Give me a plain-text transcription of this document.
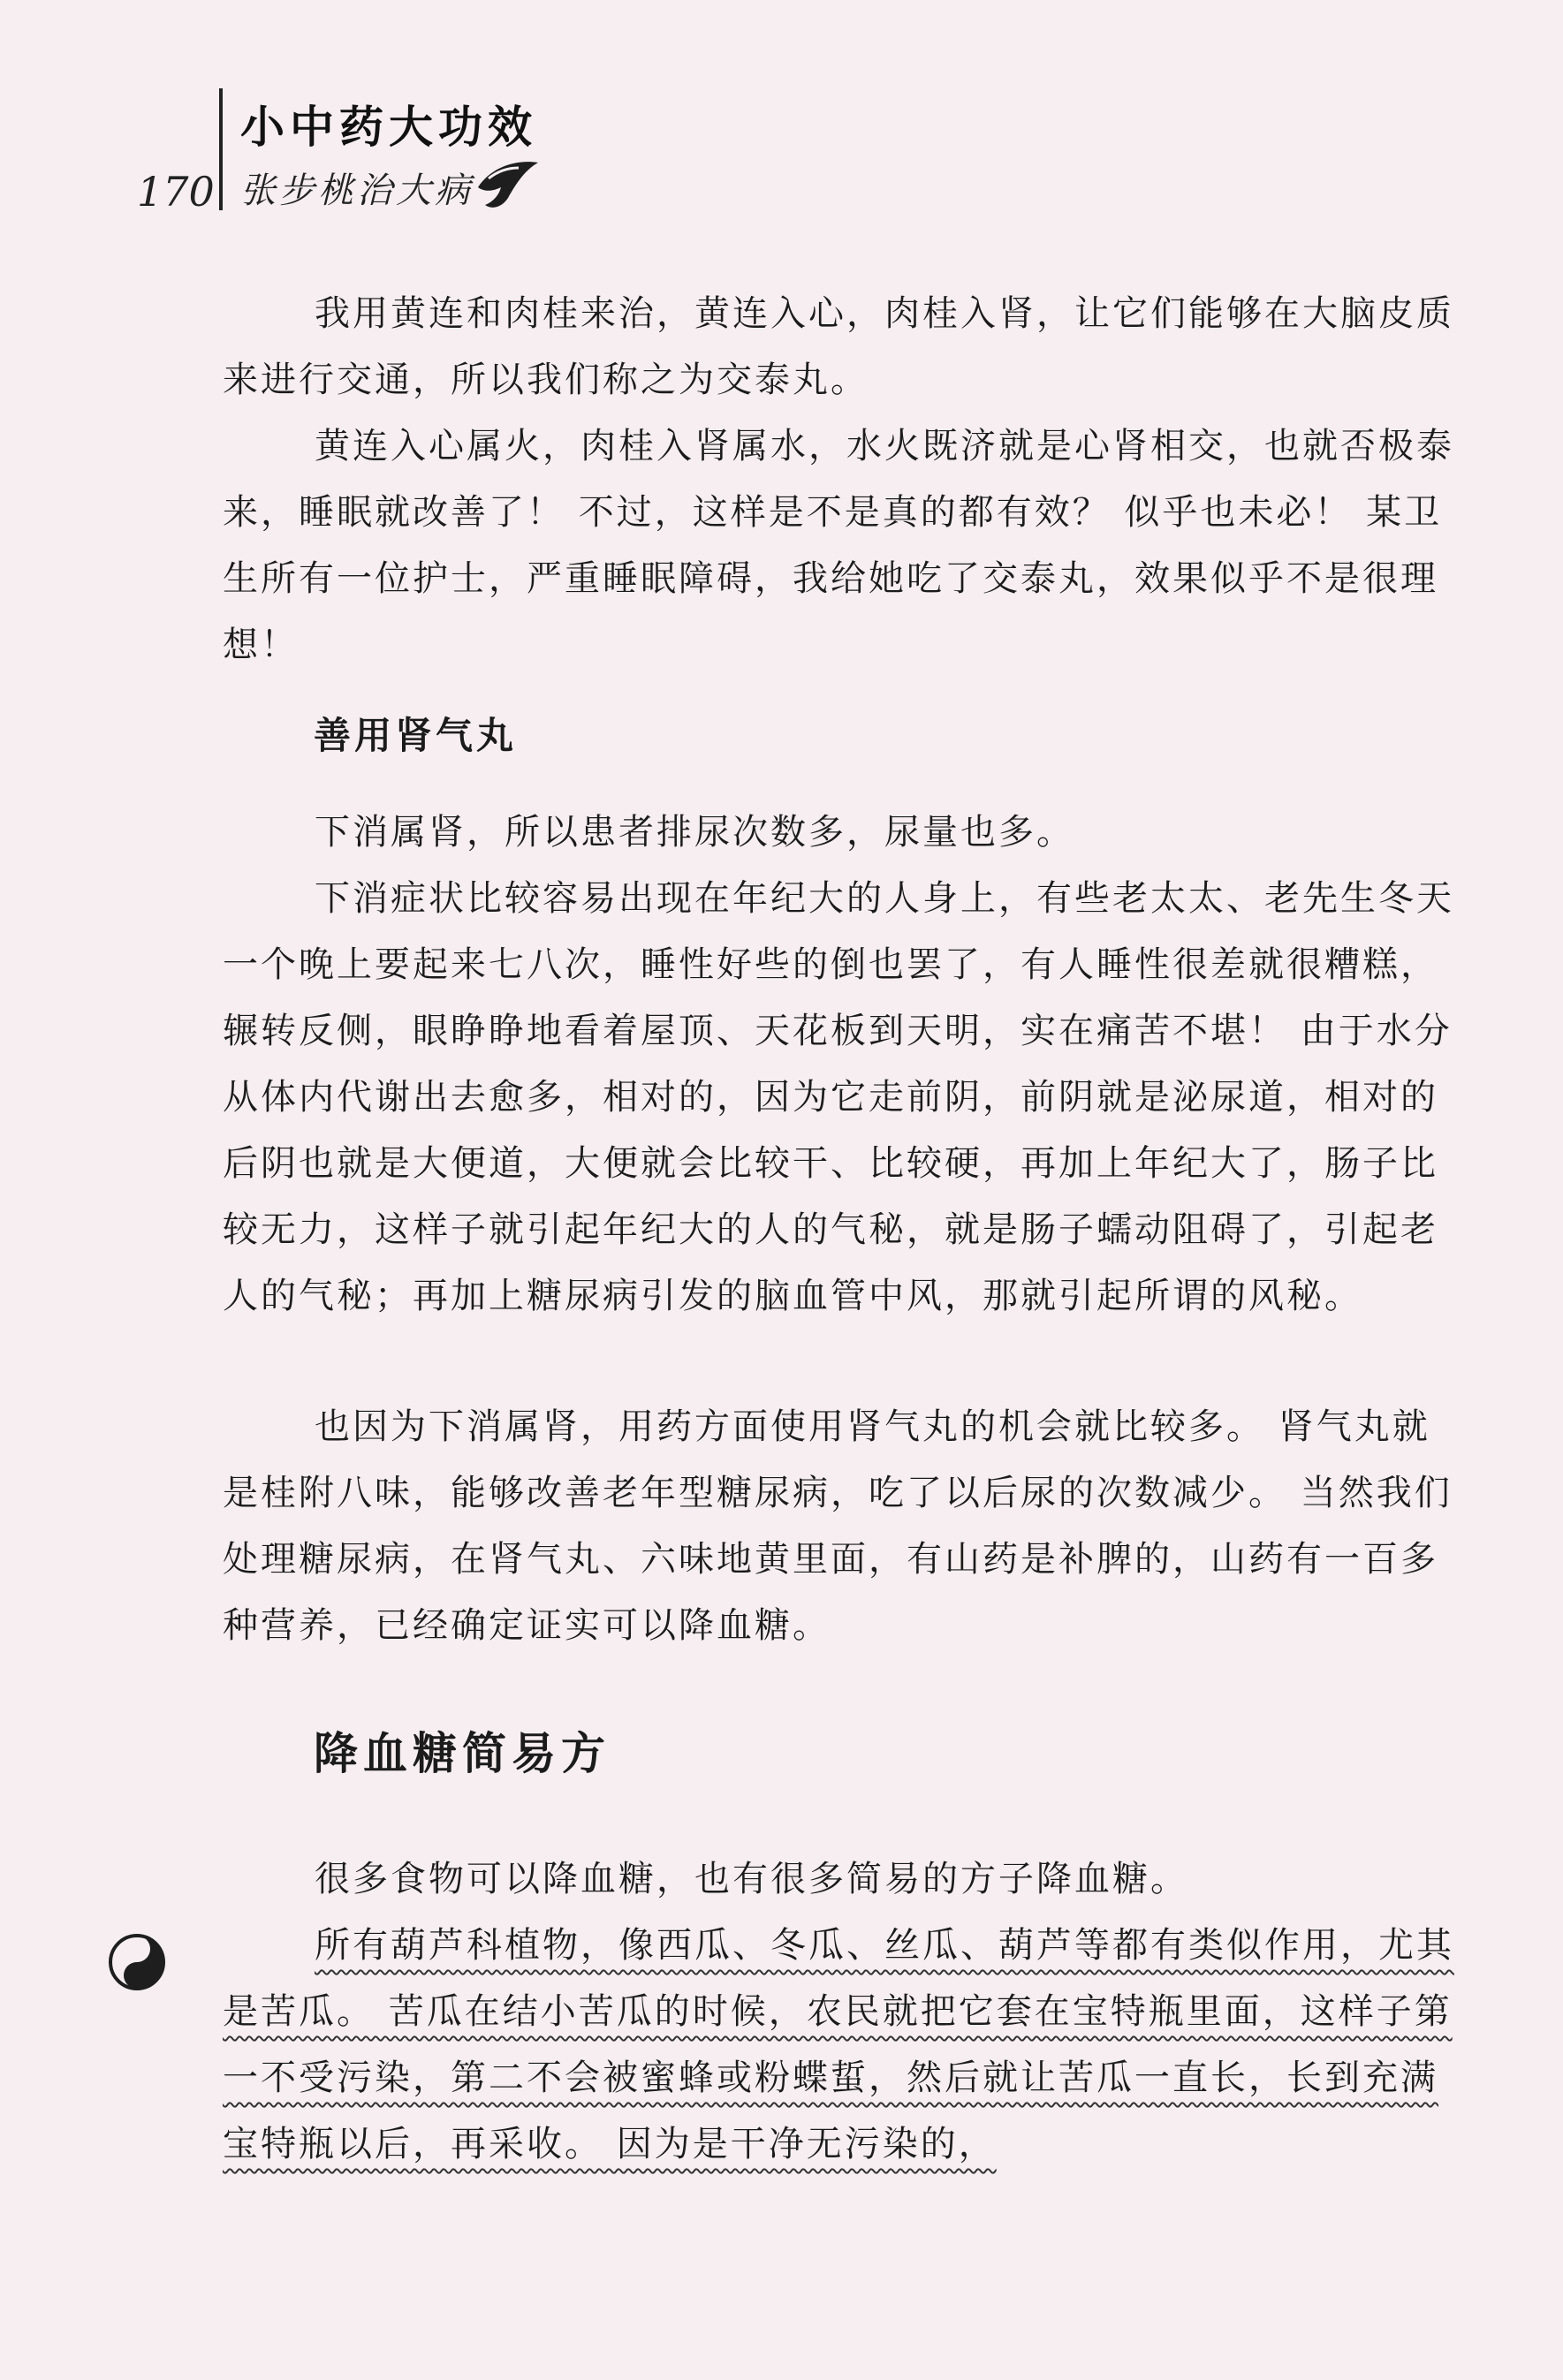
170
小中药大功效
张步桃治大病

我用黄连和肉桂来治，黄连入心，肉桂入肾，让它们能够在大脑皮质来进行交通，所以我们称之为交泰丸。

黄连入心属火，肉桂入肾属水，水火既济就是心肾相交，也就否极泰来，睡眠就改善了！ 不过，这样是不是真的都有效？ 似乎也未必！ 某卫生所有一位护士，严重睡眠障碍，我给她吃了交泰丸，效果似乎不是很理想！

善用肾气丸

下消属肾，所以患者排尿次数多，尿量也多。

下消症状比较容易出现在年纪大的人身上，有些老太太、老先生冬天一个晚上要起来七八次，睡性好些的倒也罢了，有人睡性很差就很糟糕，辗转反侧，眼睁睁地看着屋顶、天花板到天明，实在痛苦不堪！ 由于水分从体内代谢出去愈多，相对的，因为它走前阴，前阴就是泌尿道，相对的后阴也就是大便道，大便就会比较干、比较硬，再加上年纪大了，肠子比较无力，这样子就引起年纪大的人的气秘，就是肠子蠕动阻碍了，引起老人的气秘；再加上糖尿病引发的脑血管中风，那就引起所谓的风秘。

也因为下消属肾，用药方面使用肾气丸的机会就比较多。 肾气丸就是桂附八味，能够改善老年型糖尿病，吃了以后尿的次数减少。 当然我们处理糖尿病，在肾气丸、六味地黄里面，有山药是补脾的，山药有一百多种营养，已经确定证实可以降血糖。

降血糖简易方

很多食物可以降血糖，也有很多简易的方子降血糖。

所有葫芦科植物，像西瓜、冬瓜、丝瓜、葫芦等都有类似作用，尤其是苦瓜。 苦瓜在结小苦瓜的时候，农民就把它套在宝特瓶里面，这样子第一不受污染，第二不会被蜜蜂或粉蝶蜇，然后就让苦瓜一直长，长到充满宝特瓶以后，再采收。 因为是干净无污染的，
